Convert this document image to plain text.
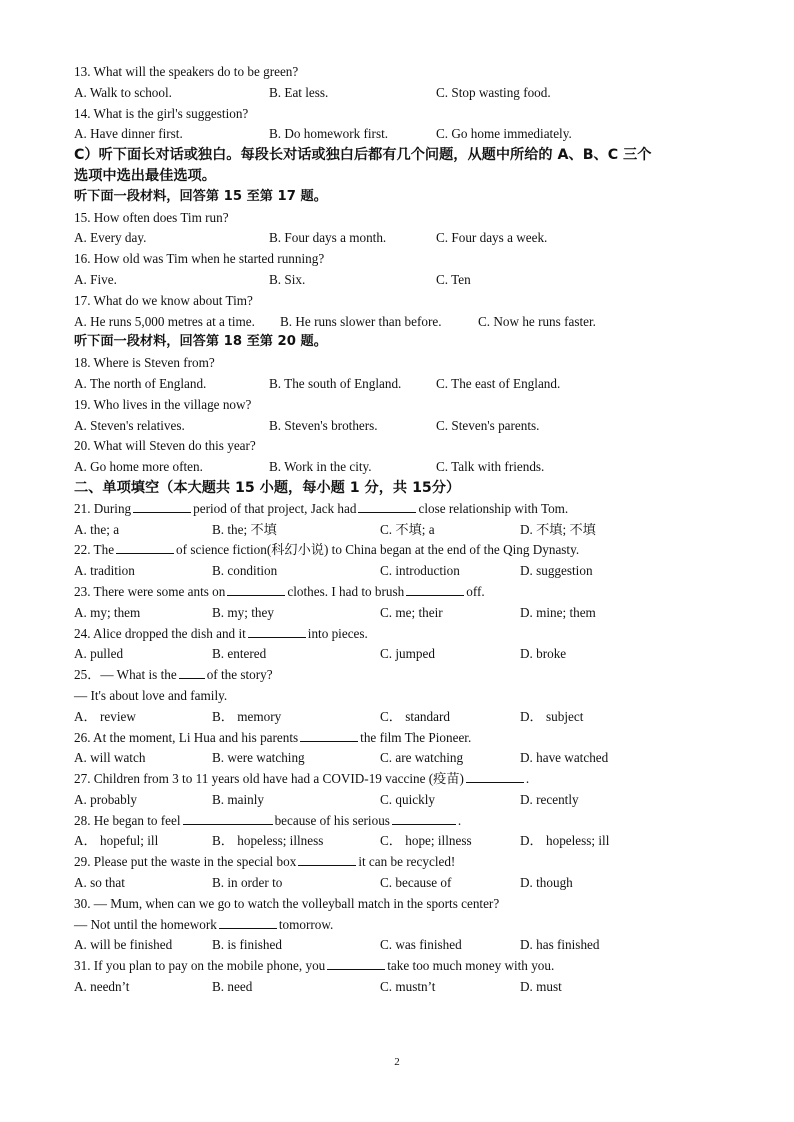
13. What will the speakers do to be green?
A. Walk to school.	B. Eat less.	C. Stop wasting food.
14. What is the girl's suggestion?
A. Have dinner first.	B. Do homework first.	C. Go home immediately.
C）听下面长对话或独白。每段长对话或独白后都有几个问题，从题中所给的 A、B、C 三个
选项中选出最佳选项。
听下面一段材料，回答第 15 至第 17 题。
15. How often does Tim run?
A. Every day.	B. Four days a month.	C. Four days a week.
16. How old was Tim when he started running?
A. Five.	B. Six.	C. Ten
17. What do we know about Tim?
A. He runs 5,000 metres at a time. B. He runs slower than before.	C. Now he runs faster.
听下面一段材料，回答第 18 至第 20 题。
18. Where is Steven from?
A. The north of England.	B. The south of England.	C. The east of England.
19. Who lives in the village now?
A. Steven's relatives.	B. Steven's brothers.	C. Steven's parents.
20. What will Steven do this year?
A. Go home more often.	B. Work in the city.	C. Talk with friends.
二、单项填空（本大题共 15 小题，每小题 1 分，共 15分）
21. During	period of that project, Jack had	close relationship with Tom.
A. the; a	B. the; 不填	C. 不填; a	D. 不填; 不填
22. The	of science fiction(科幻小说) to China began at the end of the Qing Dynasty.
A. tradition	B. condition	C. introduction	D. suggestion
23. There were some ants on	clothes. I had to brush	off.
A. my; them	B. my; they	C. me; their	D. mine; them
24. Alice dropped the dish and it	into pieces.
A. pulled	B. entered	C. jumped	D. broke
25．— What is the of the story?
— It's about love and family.
A． review	B． memory	C． standard	D． subject
26. At the moment, Li Hua and his parents	the film The Pioneer.
A. will watch	B. were watching	C. are watching	D. have watched
27. Children from 3 to 11 years old have had a COVID-19 vaccine (疫苗)	.
A. probably	B. mainly	C. quickly	D. recently
28. He began to feel	because of his serious	.
A． hopeful; ill	B． hopeless; illness	C． hope; illness	D． hopeless; ill
29. Please put the waste in the special box	it can be recycled!
A. so that	B. in order to	C. because of	D. though
30. — Mum, when can we go to watch the volleyball match in the sports center?
— Not until the homework	tomorrow.
A. will be finished	B. is finished	C. was finished	D. has finished
31. If you plan to pay on the mobile phone, you	take too much money with you.
A. needn’t	B. need	C. mustn’t	D. must
2
